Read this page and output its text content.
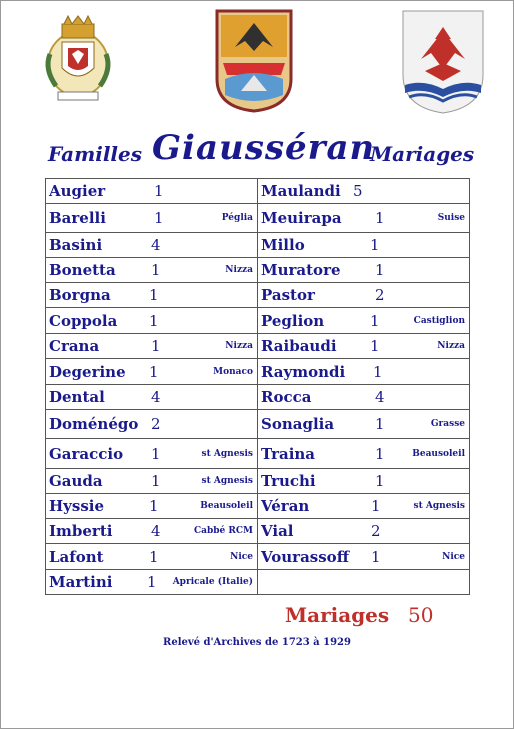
Familles Giausséran
Mariages
Augier 1	Maulandi 5

Barelli 1 Péglia	Meuirapa 1 Suise

Basini 4	Millo 1

Bonetta 1 Nizza	Muratore 1

Borgna 1	Pastor 2

Coppola 1	Peglion 1 Castiglion

Crana 1 Nizza	Raibaudi 1 Nizza

Degerine 1 Monaco	Raymondi 1

Dental 4	Rocca 4

Doménégo 2	Sonaglia 1 Grasse

Garaccio 1 st Agnesis	Traina 1 Beausoleil

Gauda 1 st Agnesis	Truchi 1

Hyssie 1 Beausoleil	Véran 1 st Agnesis

Imberti 4 Cabbé RCM	Vial 2

Lafont 1 Nice	Vourassoff 1 Nice

Martini 1 Apricale (Italie)	

Mariages 50
Relevé d'Archives de 1723 à 1929
